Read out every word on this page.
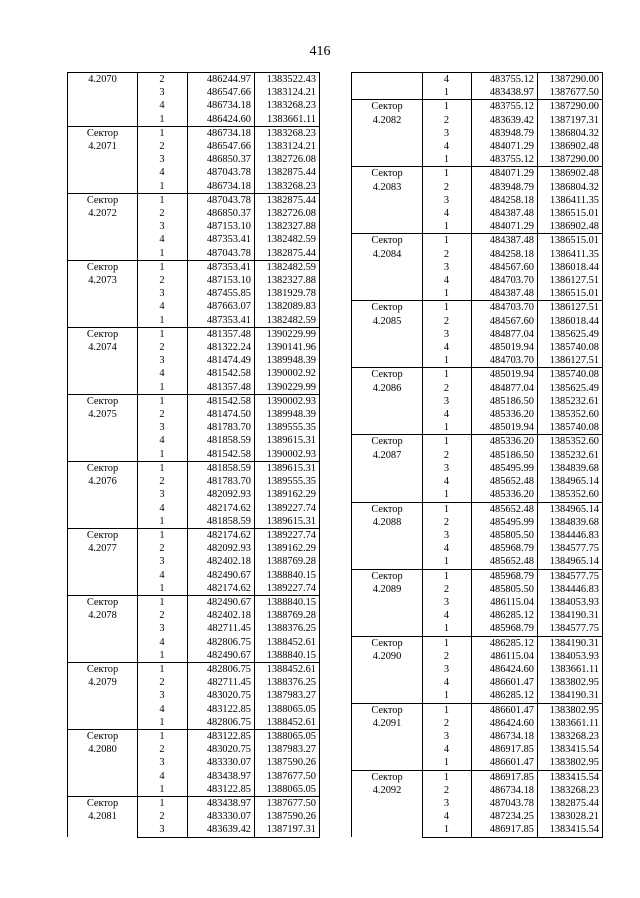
416
4.2070	2	486244.97	1383522.43
	3	486547.66	1383124.21
	4	486734.18	1383268.23
	1	486424.60	1383661.11
Сектор
4.2071	1	486734.18	1383268.23
	2	486547.66	1383124.21
	3	486850.37	1382726.08
	4	487043.78	1382875.44
	1	486734.18	1383268.23
Сектор
4.2072	1	487043.78	1382875.44
	2	486850.37	1382726.08
	3	487153.10	1382327.88
	4	487353.41	1382482.59
	1	487043.78	1382875.44
Сектор
4.2073	1	487353.41	1382482.59
	2	487153.10	1382327.88
	3	487455.85	1381929.78
	4	487663.07	1382089.83
	1	487353.41	1382482.59
Сектор
4.2074	1	481357.48	1390229.99
	2	481322.24	1390141.96
	3	481474.49	1389948.39
	4	481542.58	1390002.92
	1	481357.48	1390229.99
Сектор
4.2075	1	481542.58	1390002.93
	2	481474.50	1389948.39
	3	481783.70	1389555.35
	4	481858.59	1389615.31
	1	481542.58	1390002.93
Сектор
4.2076	1	481858.59	1389615.31
	2	481783.70	1389555.35
	3	482092.93	1389162.29
	4	482174.62	1389227.74
	1	481858.59	1389615.31
Сектор
4.2077	1	482174.62	1389227.74
	2	482092.93	1389162.29
	3	482402.18	1388769.28
	4	482490.67	1388840.15
	1	482174.62	1389227.74
Сектор
4.2078	1	482490.67	1388840.15
	2	482402.18	1388769.28
	3	482711.45	1388376.25
	4	482806.75	1388452.61
	1	482490.67	1388840.15
Сектор
4.2079	1	482806.75	1388452.61
	2	482711.45	1388376.25
	3	483020.75	1387983.27
	4	483122.85	1388065.05
	1	482806.75	1388452.61
Сектор
4.2080	1	483122.85	1388065.05
	2	483020.75	1387983.27
	3	483330.07	1387590.26
	4	483438.97	1387677.50
	1	483122.85	1388065.05
Сектор
4.2081	1	483438.97	1387677.50
	2	483330.07	1387590.26
	3	483639.42	1387197.31
	4	483755.12	1387290.00
	1	483438.97	1387677.50
Сектор
4.2082	1	483755.12	1387290.00
	2	483639.42	1387197.31
	3	483948.79	1386804.32
	4	484071.29	1386902.48
	1	483755.12	1387290.00
Сектор
4.2083	1	484071.29	1386902.48
	2	483948.79	1386804.32
	3	484258.18	1386411.35
	4	484387.48	1386515.01
	1	484071.29	1386902.48
Сектор
4.2084	1	484387.48	1386515.01
	2	484258.18	1386411.35
	3	484567.60	1386018.44
	4	484703.70	1386127.51
	1	484387.48	1386515.01
Сектор
4.2085	1	484703.70	1386127.51
	2	484567.60	1386018.44
	3	484877.04	1385625.49
	4	485019.94	1385740.08
	1	484703.70	1386127.51
Сектор
4.2086	1	485019.94	1385740.08
	2	484877.04	1385625.49
	3	485186.50	1385232.61
	4	485336.20	1385352.60
	1	485019.94	1385740.08
Сектор
4.2087	1	485336.20	1385352.60
	2	485186.50	1385232.61
	3	485495.99	1384839.68
	4	485652.48	1384965.14
	1	485336.20	1385352.60
Сектор
4.2088	1	485652.48	1384965.14
	2	485495.99	1384839.68
	3	485805.50	1384446.83
	4	485968.79	1384577.75
	1	485652.48	1384965.14
Сектор
4.2089	1	485968.79	1384577.75
	2	485805.50	1384446.83
	3	486115.04	1384053.93
	4	486285.12	1384190.31
	1	485968.79	1384577.75
Сектор
4.2090	1	486285.12	1384190.31
	2	486115.04	1384053.93
	3	486424.60	1383661.11
	4	486601.47	1383802.95
	1	486285.12	1384190.31
Сектор
4.2091	1	486601.47	1383802.95
	2	486424.60	1383661.11
	3	486734.18	1383268.23
	4	486917.85	1383415.54
	1	486601.47	1383802.95
Сектор
4.2092	1	486917.85	1383415.54
	2	486734.18	1383268.23
	3	487043.78	1382875.44
	4	487234.25	1383028.21
	1	486917.85	1383415.54
